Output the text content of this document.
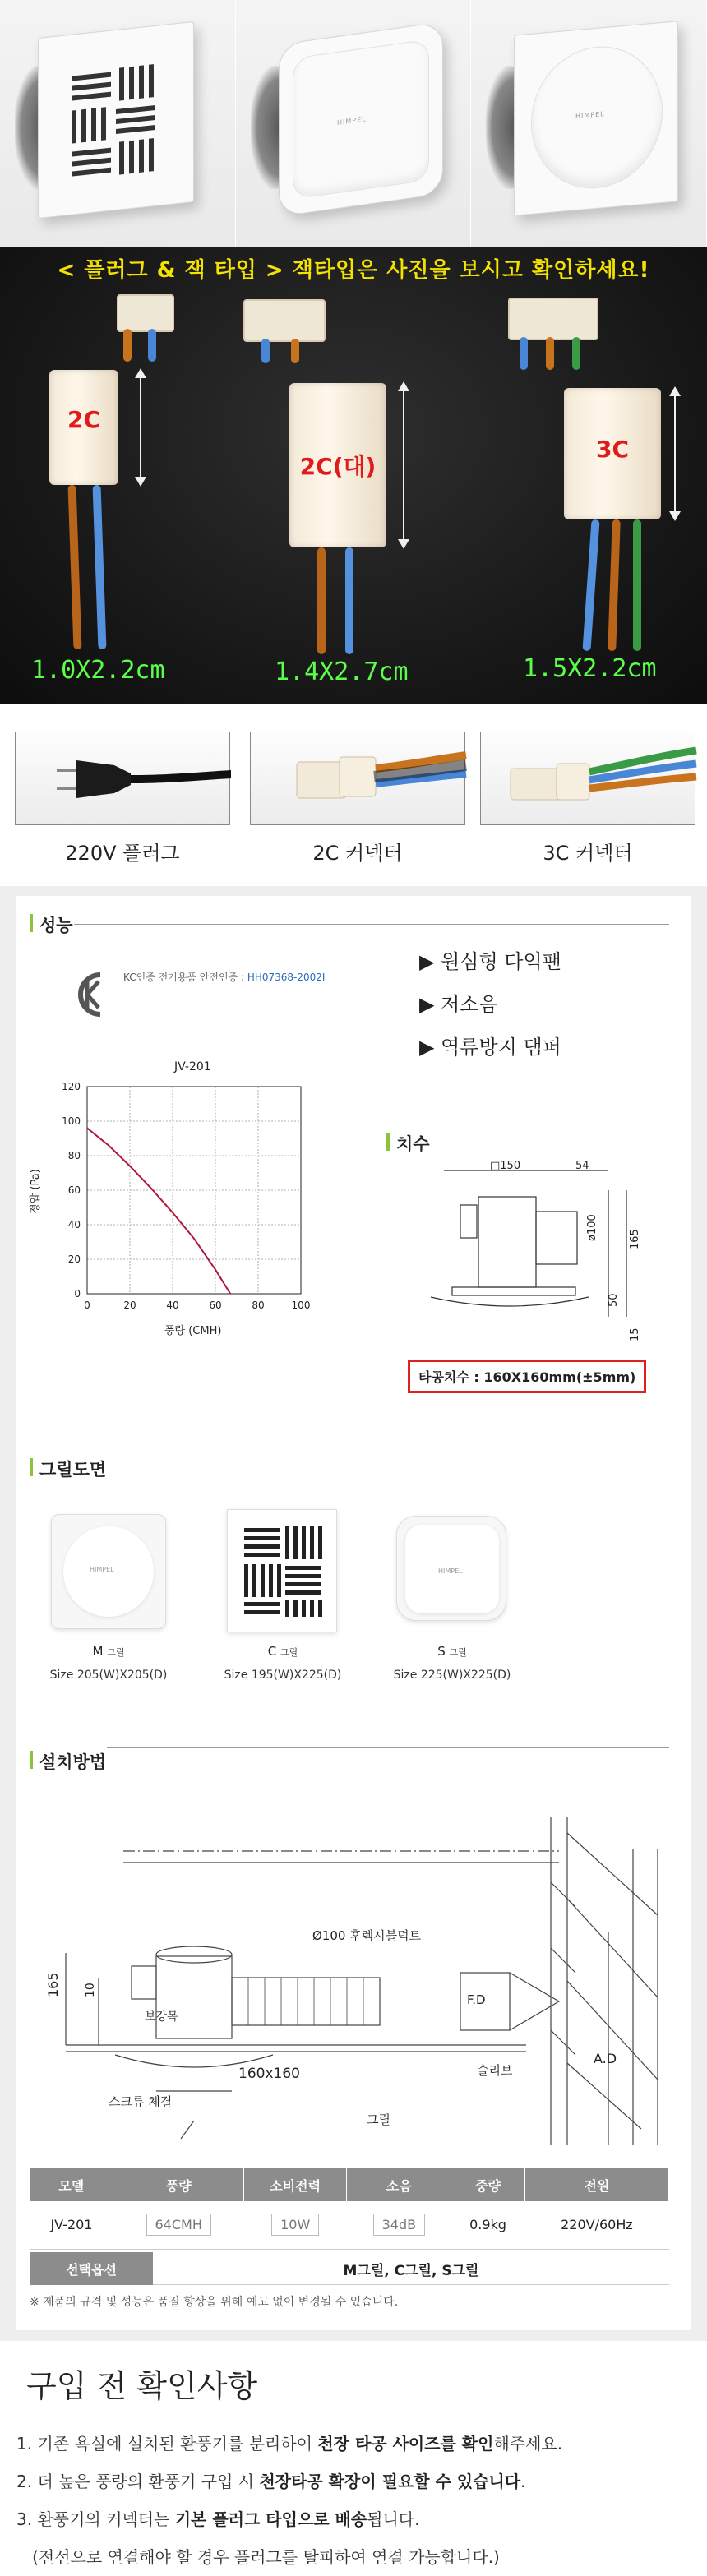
HIMPEL	HIMPEL
< 플러그 & 잭 타입 > 잭타입은 사진을 보시고 확인하세요!
2C
1.0X2.2cm
2C(대)
1.4X2.7cm
3C
1.5X2.2cm
220V 플러그	2C 커넥터	3C 커넥터
성능
KC인증 전기용품 안전인증 : HH07368-2002I
▶ 원심형 다익팬
▶ 저소음
▶ 역류방지 댐퍼
JV-201
0	20	40	60	80	100
0
20
40
60
80
100
120
풍량 (CMH)
정압 (Pa)
치수
□150	54
ø100	165
50
15
타공치수 : 160X160mm(±5mm)
그릴도면
HIMPEL
M 그릴
Size 205(W)X205(D)
C 그릴
Size 195(W)X225(D)
HIMPEL
S 그릴
Size 225(W)X225(D)
설치방법
Ø100 후렉시블덕트
F.D
A.D
165 10
보강목
스크류 체결
160x160	슬리브
그릴
모델	풍량	소비전력	소음	중량	전원
JV-201	64CMH	10W	34dB	0.9kg	220V/60Hz
선택옵션	M그릴, C그릴, S그릴
※ 제품의 규격 및 성능은 품질 향상을 위해 예고 없이 변경될 수 있습니다.
구입 전 확인사항
1. 기존 욕실에 설치된 환풍기를 분리하여 천장 타공 사이즈를 확인해주세요.
2. 더 높은 풍량의 환풍기 구입 시 천장타공 확장이 필요할 수 있습니다.
3. 환풍기의 커넥터는 기본 플러그 타입으로 배송됩니다.
(전선으로 연결해야 할 경우 플러그를 탈피하여 연결 가능합니다.)
